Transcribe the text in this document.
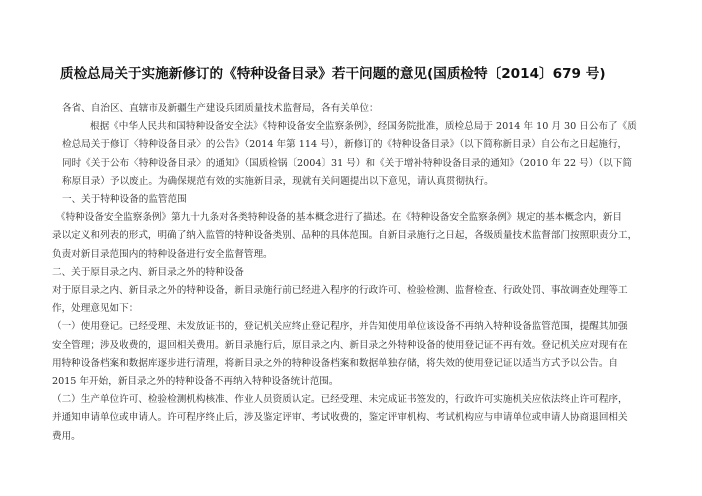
质检总局关于实施新修订的《特种设备目录》若干问题的意见(国质检特〔2014〕679 号)
各省、自治区、直辖市及新疆生产建设兵团质量技术监督局，各有关单位：
根据《中华人民共和国特种设备安全法》《特种设备安全监察条例》，经国务院批准，质检总局于 2014 年 10 月 30 日公布了《质
检总局关于修订〈特种设备目录〉的公告》（2014 年第 114 号），新修订的《特种设备目录》（以下简称新目录）自公布之日起施行，
同时《关于公布〈特种设备目录〉的通知》（国质检锅〔2004〕31 号）和《关于增补特种设备目录的通知》（2010 年 22 号）（以下简
称原目录）予以废止。为确保规范有效的实施新目录，现就有关问题提出以下意见，请认真贯彻执行。
一、关于特种设备的监管范围
《特种设备安全监察条例》第九十九条对各类特种设备的基本概念进行了描述。在《特种设备安全监察条例》规定的基本概念内，新目
录以定义和列表的形式，明确了纳入监管的特种设备类别、品种的具体范围。自新目录施行之日起，各级质量技术监督部门按照职责分工，
负责对新目录范围内的特种设备进行安全监督管理。
二、关于原目录之内、新目录之外的特种设备
对于原目录之内、新目录之外的特种设备，新目录施行前已经进入程序的行政许可、检验检测、监督检查、行政处罚、事故调查处理等工
作，处理意见如下：
（一）使用登记。已经受理、未发放证书的，登记机关应终止登记程序，并告知使用单位该设备不再纳入特种设备监管范围，提醒其加强
安全管理；涉及收费的，退回相关费用。新目录施行后，原目录之内、新目录之外特种设备的使用登记证不再有效。登记机关应对现有在
用特种设备档案和数据库逐步进行清理，将新目录之外的特种设备档案和数据单独存储，将失效的使用登记证以适当方式予以公告。自
2015 年开始，新目录之外的特种设备不再纳入特种设备统计范围。
（二）生产单位许可、检验检测机构核准、作业人员资质认定。已经受理、未完成证书签发的，行政许可实施机关应依法终止许可程序，
并通知申请单位或申请人。许可程序终止后，涉及鉴定评审、考试收费的，鉴定评审机构、考试机构应与申请单位或申请人协商退回相关
费用。
